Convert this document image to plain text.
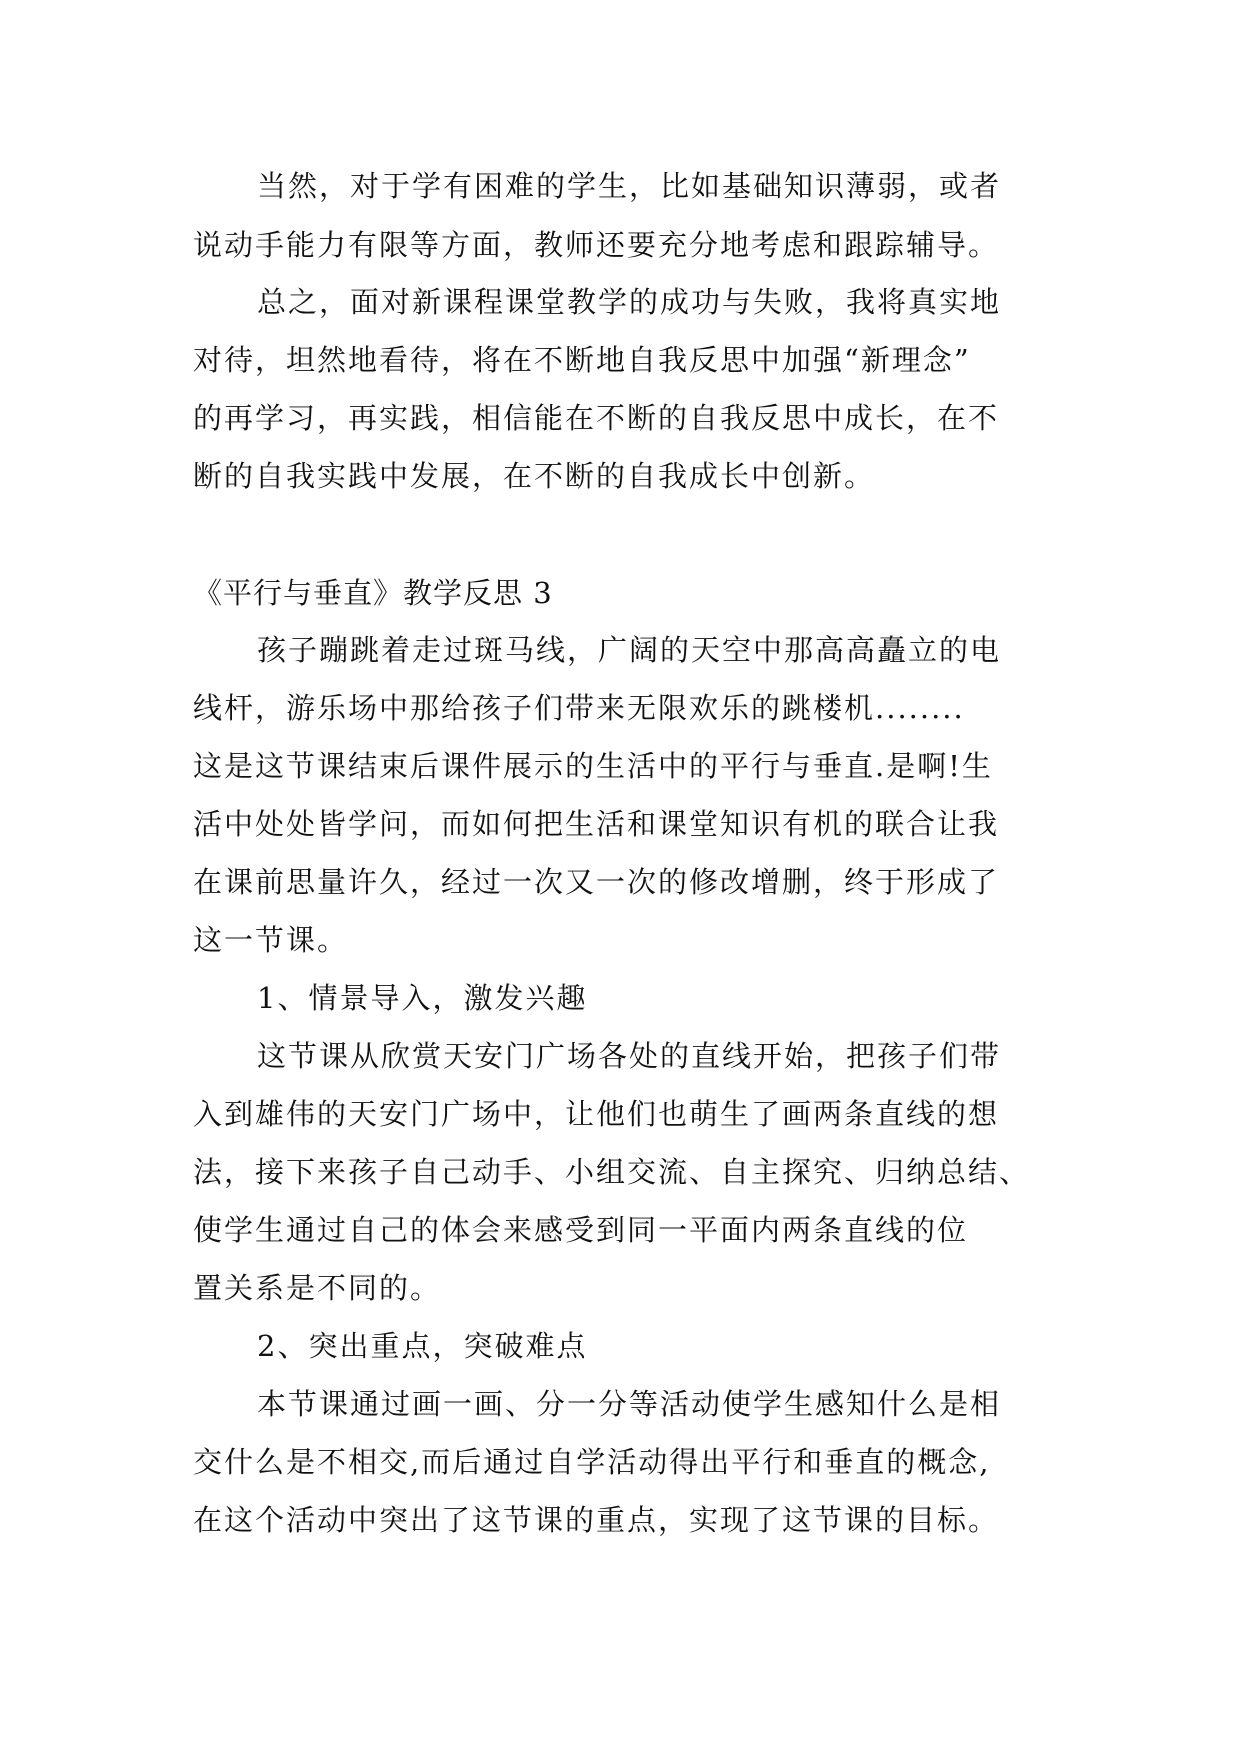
当然，对于学有困难的学生，比如基础知识薄弱，或者
说动手能力有限等方面，教师还要充分地考虑和跟踪辅导。
总之，面对新课程课堂教学的成功与失败，我将真实地
对待，坦然地看待，将在不断地自我反思中加强“新理念”
的再学习，再实践，相信能在不断的自我反思中成长，在不
断的自我实践中发展，在不断的自我成长中创新。
《平行与垂直》教学反思 3
孩子蹦跳着走过斑马线，广阔的天空中那高高矗立的电
线杆，游乐场中那给孩子们带来无限欢乐的跳楼机........
这是这节课结束后课件展示的生活中的平行与垂直.是啊!生
活中处处皆学问，而如何把生活和课堂知识有机的联合让我
在课前思量许久，经过一次又一次的修改增删，终于形成了
这一节课。
1、情景导入，激发兴趣
这节课从欣赏天安门广场各处的直线开始，把孩子们带
入到雄伟的天安门广场中，让他们也萌生了画两条直线的想
法，接下来孩子自己动手、小组交流、自主探究、归纳总结、
使学生通过自己的体会来感受到同一平面内两条直线的位
置关系是不同的。
2、突出重点，突破难点
本节课通过画一画、分一分等活动使学生感知什么是相
交什么是不相交,而后通过自学活动得出平行和垂直的概念,
在这个活动中突出了这节课的重点，实现了这节课的目标。
